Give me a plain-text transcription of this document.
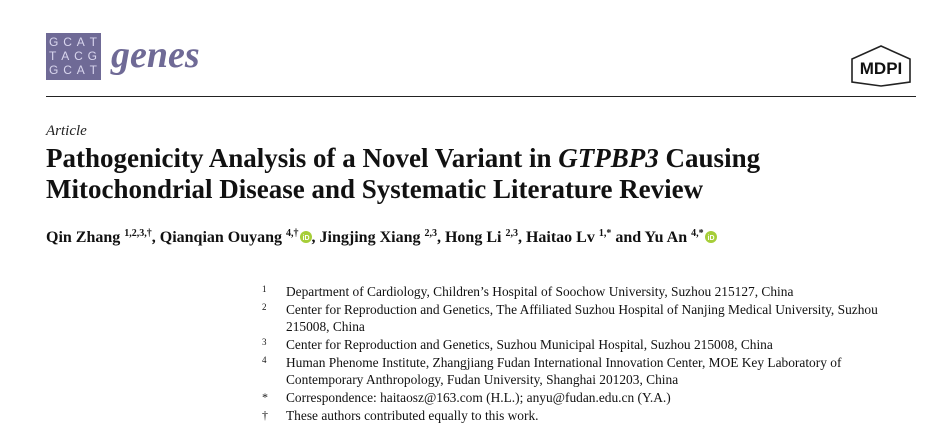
G C A T
T A C G
G C A T genes	MDPI
Article
Pathogenicity Analysis of a Novel Variant in GTPBP3 Causing Mitochondrial Disease and Systematic Literature Review
Qin Zhang $^{1,2,3,\dagger}$, Qianqian Ouyang $^{4,\dagger}$ iD , Jingjing Xiang $^{2,3}$, Hong Li $^{2,3}$, Haitao Lv $^{1,*}$ and Yu An $^{4,*}$ iD
1	Department of Cardiology, Children’s Hospital of Soochow University, Suzhou 215127, China
2	Center for Reproduction and Genetics, The Affiliated Suzhou Hospital of Nanjing Medical University, Suzhou 215008, China
3	Center for Reproduction and Genetics, Suzhou Municipal Hospital, Suzhou 215008, China
4	Human Phenome Institute, Zhangjiang Fudan International Innovation Center, MOE Key Laboratory of Contemporary Anthropology, Fudan University, Shanghai 201203, China
*	Correspondence: haitaosz@163.com (H.L.); anyu@fudan.edu.cn (Y.A.)
†	These authors contributed equally to this work.
